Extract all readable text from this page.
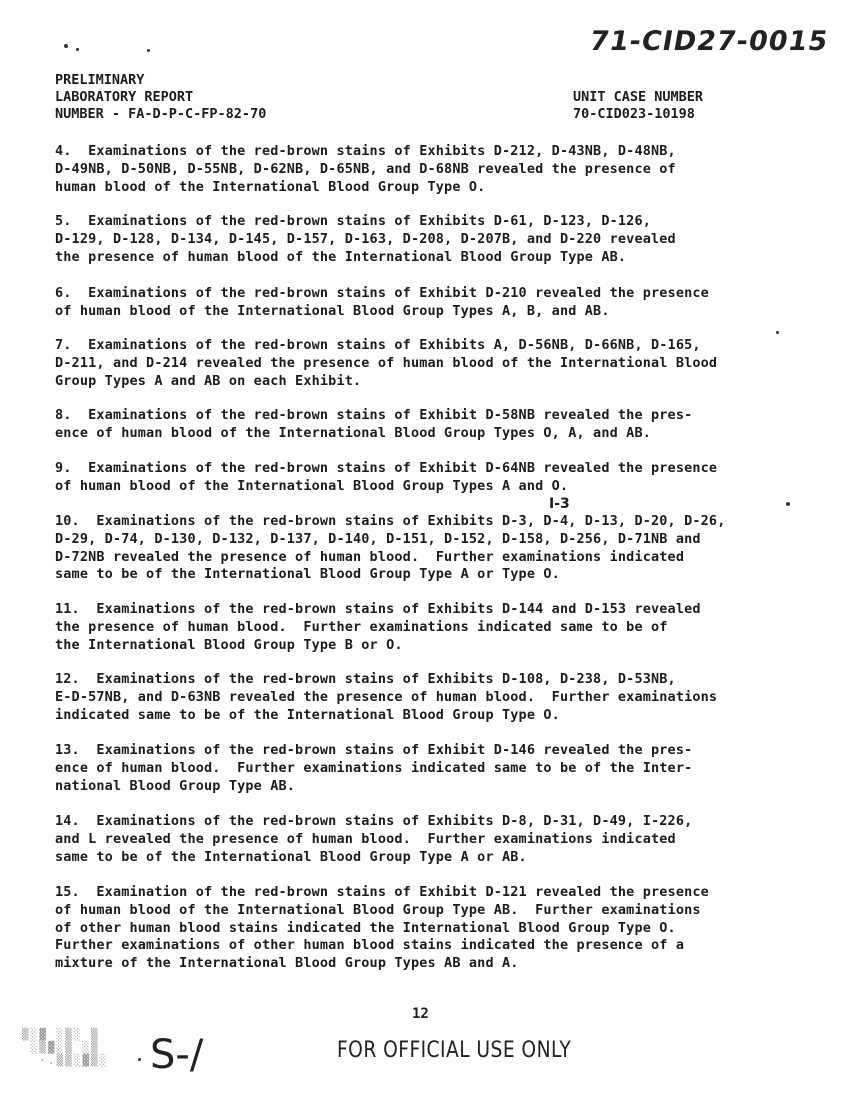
71-CID27-0015
PRELIMINARY
LABORATORY REPORT
NUMBER - FA-D-P-C-FP-82-70
UNIT CASE NUMBER
70-CID023-10198
4.  Examinations of the red-brown stains of Exhibits D-212, D-43NB, D-48NB,
D-49NB, D-50NB, D-55NB, D-62NB, D-65NB, and D-68NB revealed the presence of
human blood of the International Blood Group Type O.
5.  Examinations of the red-brown stains of Exhibits D-61, D-123, D-126,
D-129, D-128, D-134, D-145, D-157, D-163, D-208, D-207B, and D-220 revealed
the presence of human blood of the International Blood Group Type AB.
6.  Examinations of the red-brown stains of Exhibit D-210 revealed the presence
of human blood of the International Blood Group Types A, B, and AB.
7.  Examinations of the red-brown stains of Exhibits A, D-56NB, D-66NB, D-165,
D-211, and D-214 revealed the presence of human blood of the International Blood
Group Types A and AB on each Exhibit.
8.  Examinations of the red-brown stains of Exhibit D-58NB revealed the pres-
ence of human blood of the International Blood Group Types O, A, and AB.
9.  Examinations of the red-brown stains of Exhibit D-64NB revealed the presence
of human blood of the International Blood Group Types A and O.
I-3
10.  Examinations of the red-brown stains of Exhibits D-3, D-4, D-13, D-20, D-26,
D-29, D-74, D-130, D-132, D-137, D-140, D-151, D-152, D-158, D-256, D-71NB and
D-72NB revealed the presence of human blood.  Further examinations indicated
same to be of the International Blood Group Type A or Type O.
11.  Examinations of the red-brown stains of Exhibits D-144 and D-153 revealed
the presence of human blood.  Further examinations indicated same to be of
the International Blood Group Type B or O.
12.  Examinations of the red-brown stains of Exhibits D-108, D-238, D-53NB,
E-D-57NB, and D-63NB revealed the presence of human blood.  Further examinations
indicated same to be of the International Blood Group Type O.
13.  Examinations of the red-brown stains of Exhibit D-146 revealed the pres-
ence of human blood.  Further examinations indicated same to be of the Inter-
national Blood Group Type AB.
14.  Examinations of the red-brown stains of Exhibits D-8, D-31, D-49, I-226,
and L revealed the presence of human blood.  Further examinations indicated
same to be of the International Blood Group Type A or AB.
15.  Examination of the red-brown stains of Exhibit D-121 revealed the presence
of human blood of the International Blood Group Type AB.  Further examinations
of other human blood stains indicated the International Blood Group Type O.
Further examinations of other human blood stains indicated the presence of a
mixture of the International Blood Group Types AB and A.
12
▒░▓ ░▒░ ▒
░▒▓░▒ ░▒
·.▒▒░▓▒░	S-/	FOR OFFICIAL USE ONLY
